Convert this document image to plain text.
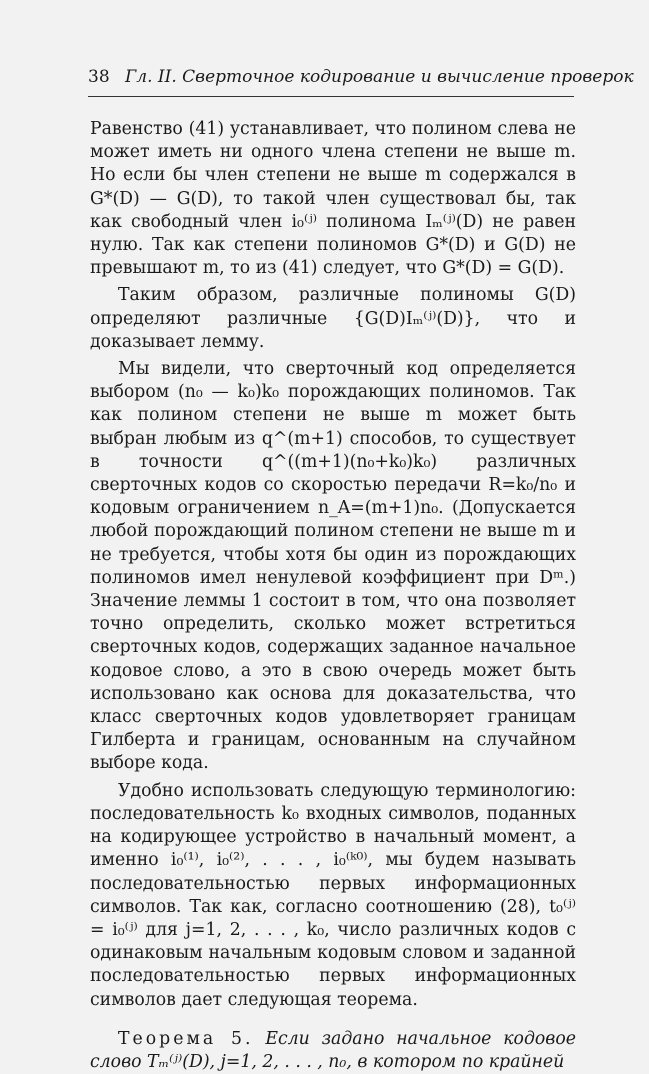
38 Гл. II. Сверточное кодирование и вычисление проверок

Равенство (41) устанавливает, что полином слева не может иметь ни одного члена степени не выше m. Но если бы член степени не выше m содержался в G*(D) — G(D), то такой член существовал бы, так как свободный член i₀⁽ʲ⁾ полинома Iₘ⁽ʲ⁾(D) не равен нулю. Так как степени полиномов G*(D) и G(D) не превышают m, то из (41) следует, что G*(D) = G(D).

Таким образом, различные полиномы G(D) определяют различные {G(D)Iₘ⁽ʲ⁾(D)}, что и доказывает лемму.

Мы видели, что сверточный код определяется выбором (n₀ — k₀)k₀ порождающих полиномов. Так как полином степени не выше m может быть выбран любым из q^(m+1) способов, то существует в точности q^((m+1)(n₀+k₀)k₀) различных сверточных кодов со скоростью передачи R=k₀/n₀ и кодовым ограничением n_A=(m+1)n₀. (Допускается любой порождающий полином степени не выше m и не требуется, чтобы хотя бы один из порождающих полиномов имел ненулевой коэффициент при Dᵐ.) Значение леммы 1 состоит в том, что она позволяет точно определить, сколько может встретиться сверточных кодов, содержащих заданное начальное кодовое слово, а это в свою очередь может быть использовано как основа для доказательства, что класс сверточных кодов удовлетворяет границам Гилберта и границам, основанным на случайном выборе кода.

Удобно использовать следующую терминологию: последовательность k₀ входных символов, поданных на кодирующее устройство в начальный момент, а именно i₀⁽¹⁾, i₀⁽²⁾, . . . , i₀⁽ᵏ⁰⁾, мы будем называть последовательностью первых информационных символов. Так как, согласно соотношению (28), t₀⁽ʲ⁾ = i₀⁽ʲ⁾ для j=1, 2, . . . , k₀, число различных кодов с одинаковым начальным кодовым словом и заданной последовательностью первых информационных символов дает следующая теорема.

Теорема 5. Если задано начальное кодовое слово Tₘ⁽ʲ⁾(D), j=1, 2, . . . , n₀, в котором по крайней
